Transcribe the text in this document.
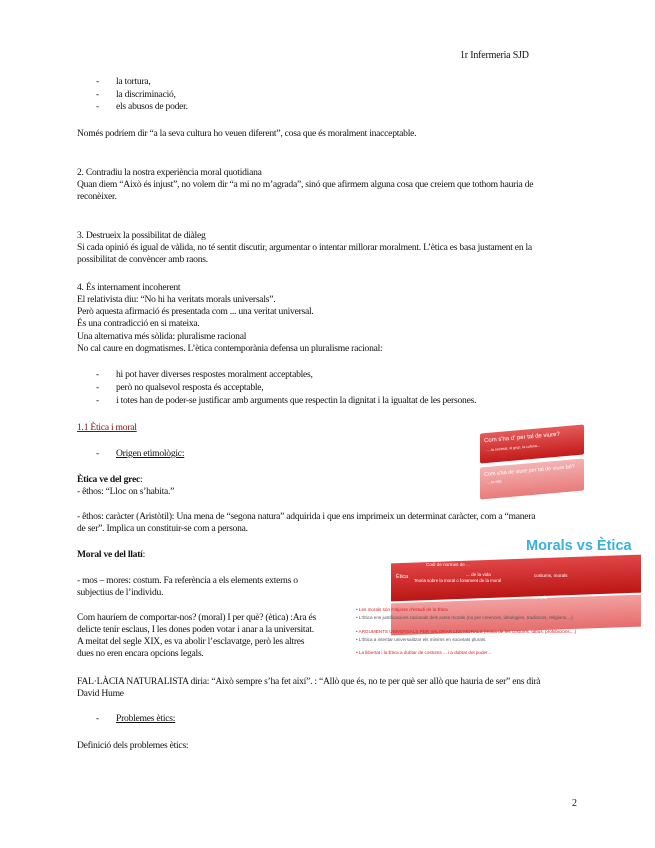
1r Infermeria SJD
- la tortura,
- la discriminació,
- els abusos de poder.
Només podríem dir “a la seva cultura ho veuen diferent”, cosa que és moralment inacceptable.
2. Contradiu la nostra experiència moral quotidiana
Quan diem “Això és injust”, no volem dir “a mi no m’agrada”, sinó que afirmem alguna cosa que creiem que tothom hauria de
reconèixer.
3. Destrueix la possibilitat de diàleg
Si cada opinió és igual de vàlida, no té sentit discutir, argumentar o intentar millorar moralment. L’ètica es basa justament en la
possibilitat de convèncer amb raons.
4. És internament incoherent
El relativista diu: “No hi ha veritats morals universals”.
Però aquesta afirmació és presentada com ... una veritat universal.
És una contradicció en si mateixa.
Una alternativa més sòlida: pluralisme racional
No cal caure en dogmatismes. L’ètica contemporània defensa un pluralisme racional:
- hi pot haver diverses respostes moralment acceptables,
- però no qualsevol resposta és acceptable,
- i totes han de poder-se justificar amb arguments que respectin la dignitat i la igualtat de les persones.
1.1 Ètica i moral
- Origen etimològic:
Ètica ve del grec:
- êthos: “Lloc on s’habita.”
- êthos: caràcter (Aristòtil): Una mena de “segona natura” adquirida i que ens imprimeix un determinat caràcter, com a “manera
de ser”. Implica un constituir-se com a persona.
Moral ve del llatí:
- mos – mores: costum. Fa referència a els elements externs o
subjectius de l’individu.
Com hauríem de comportar-nos? (moral) I per què? (ètica) :Ara és
delicte tenir esclaus, I les dones poden votar i anar a la universitat.
A meitat del segle XIX, es va abolir l’esclavatge, però les altres
dues no eren encara opcions legals.
FAL·LÀCIA NATURALISTA diria: “Això sempre s’ha fet així”. : “Allò que és, no te per què ser allò que hauria de ser” ens dirà
David Hume
- Problemes ètics:
Definició dels problemes ètics:
Com s'ha d' per tal de viure?
- ...la societat, el grup, la cultura...
Com s'ha de viure per tal de viure bé?
- ...la vida
Morals vs Ètica
Moral
Codi de normes de ...
... de la vida	costums, morals
Ètica
Teoria sobre la moral o fonament de la moral
raonada
• Les morals són l'objecte d'estudi de la Ètica
• L'Ètica ens justificacions racionals dels actes morals (no per creences, ideologies, tradicions, religions,...)
• ARGUMENTS UNIVERSALS PER VALORAR LES MORALS (Ironia de les costums, tabús, prohibicions,...)
• L'Ètica a intentar universalitzar els mínims en societats plurals.
• La llibertat i la Ètica a dubtar de costums ... i a dubtar del poder...
2
